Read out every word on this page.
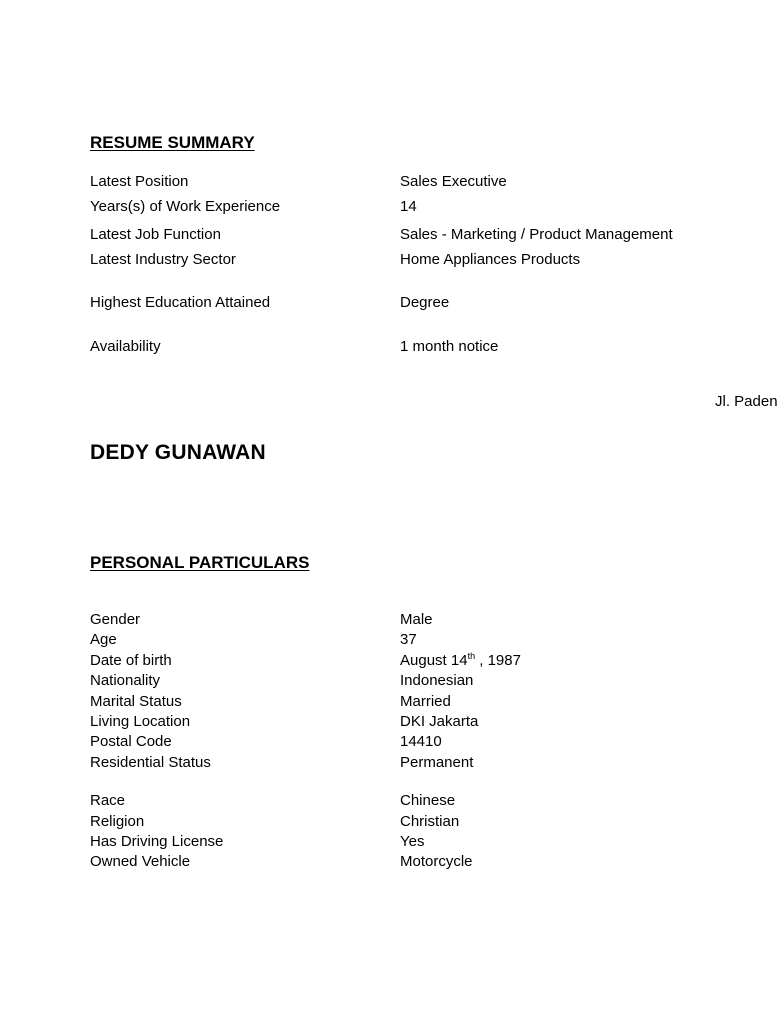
RESUME SUMMARY
Latest Position	Sales Executive
Years(s) of Work Experience	14
Latest Job Function	Sales - Marketing / Product Management
Latest Industry Sector	Home Appliances Products
Highest Education Attained	Degree
Availability	1 month notice
Jl. Paden
DEDY GUNAWAN
PERSONAL PARTICULARS
Gender	Male
Age	37
Date of birth	August 14th , 1987
Nationality	Indonesian
Marital Status	Married
Living Location	DKI Jakarta
Postal Code	14410
Residential Status	Permanent
Race	Chinese
Religion	Christian
Has Driving License	Yes
Owned Vehicle	Motorcycle
